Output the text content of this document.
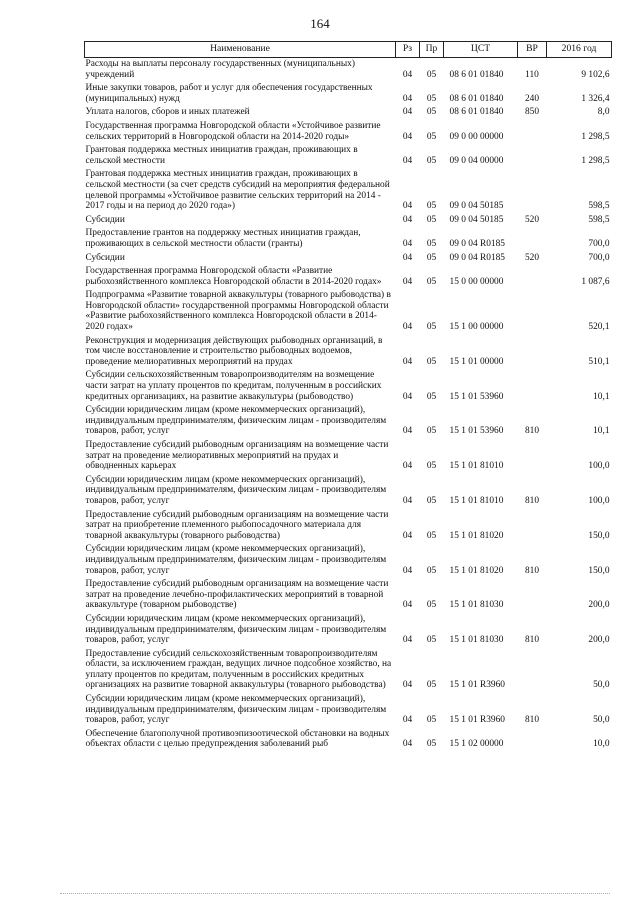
164
Наименование	Рз	Пр	ЦСТ	ВР	2016 год
Расходы на выплаты персоналу государственных (муниципальных) учреждений	04	05	08 6 01 01840	110	9 102,6
Иные закупки товаров, работ и услуг для обеспечения государственных (муниципальных) нужд	04	05	08 6 01 01840	240	1 326,4
Уплата налогов, сборов и иных платежей	04	05	08 6 01 01840	850	8,0
Государственная программа Новгородской области «Устойчивое развитие сельских территорий в Новгородской области на 2014-2020 годы»	04	05	09 0 00 00000		1 298,5
Грантовая поддержка местных инициатив граждан, проживающих в сельской местности	04	05	09 0 04 00000		1 298,5
Грантовая поддержка местных инициатив граждан, проживающих в сельской местности (за счет средств субсидий на мероприятия федеральной целевой программы «Устойчивое развитие сельских территорий на 2014 - 2017 годы и на период до 2020 года»)	04	05	09 0 04 50185		598,5
Субсидии	04	05	09 0 04 50185	520	598,5
Предоставление грантов на поддержку местных инициатив граждан, проживающих в сельской местности области (гранты)	04	05	09 0 04 R0185		700,0
Субсидии	04	05	09 0 04 R0185	520	700,0
Государственная программа Новгородской области «Развитие рыбохозяйственного комплекса Новгородской области в 2014-2020 годах»	04	05	15 0 00 00000		1 087,6
Подпрограмма «Развитие товарной аквакультуры (товарного рыбоводства) в Новгородской области» государственной программы Новгородской области «Развитие рыбохозяйственного комплекса Новгородской области в 2014-2020 годах»	04	05	15 1 00 00000		520,1
Реконструкция и модернизация действующих рыбоводных организаций, в том числе восстановление и строительство рыбоводных водоемов, проведение мелиоративных мероприятий на прудах	04	05	15 1 01 00000		510,1
Субсидии сельскохозяйственным товаропроизводителям на возмещение части затрат на уплату процентов по кредитам, полученным в российских кредитных организациях, на развитие аквакультуры (рыбоводство)	04	05	15 1 01 53960		10,1
Субсидии юридическим лицам (кроме некоммерческих организаций), индивидуальным предпринимателям, физическим лицам - производителям товаров, работ, услуг	04	05	15 1 01 53960	810	10,1
Предоставление субсидий рыбоводным организациям на возмещение части затрат на проведение мелиоративных мероприятий на прудах и обводненных карьерах	04	05	15 1 01 81010		100,0
Субсидии юридическим лицам (кроме некоммерческих организаций), индивидуальным предпринимателям, физическим лицам - производителям товаров, работ, услуг	04	05	15 1 01 81010	810	100,0
Предоставление субсидий рыбоводным организациям на возмещение части затрат на приобретение племенного рыбопосадочного материала для товарной аквакультуры (товарного рыбоводства)	04	05	15 1 01 81020		150,0
Субсидии юридическим лицам (кроме некоммерческих организаций), индивидуальным предпринимателям, физическим лицам - производителям товаров, работ, услуг	04	05	15 1 01 81020	810	150,0
Предоставление субсидий рыбоводным организациям на возмещение части затрат на проведение лечебно-профилактических мероприятий в товарной аквакультуре (товарном рыбоводстве)	04	05	15 1 01 81030		200,0
Субсидии юридическим лицам (кроме некоммерческих организаций), индивидуальным предпринимателям, физическим лицам - производителям товаров, работ, услуг	04	05	15 1 01 81030	810	200,0
Предоставление субсидий сельскохозяйственным товаропроизводителям области, за исключением граждан, ведущих личное подсобное хозяйство, на уплату процентов по кредитам, полученным в российских кредитных организациях на развитие товарной аквакультуры (товарного рыбоводства)	04	05	15 1 01 R3960		50,0
Субсидии юридическим лицам (кроме некоммерческих организаций), индивидуальным предпринимателям, физическим лицам - производителям товаров, работ, услуг	04	05	15 1 01 R3960	810	50,0
Обеспечение благополучной противоэпизоотической обстановки на водных объектах области с целью предупреждения заболеваний рыб	04	05	15 1 02 00000		10,0
